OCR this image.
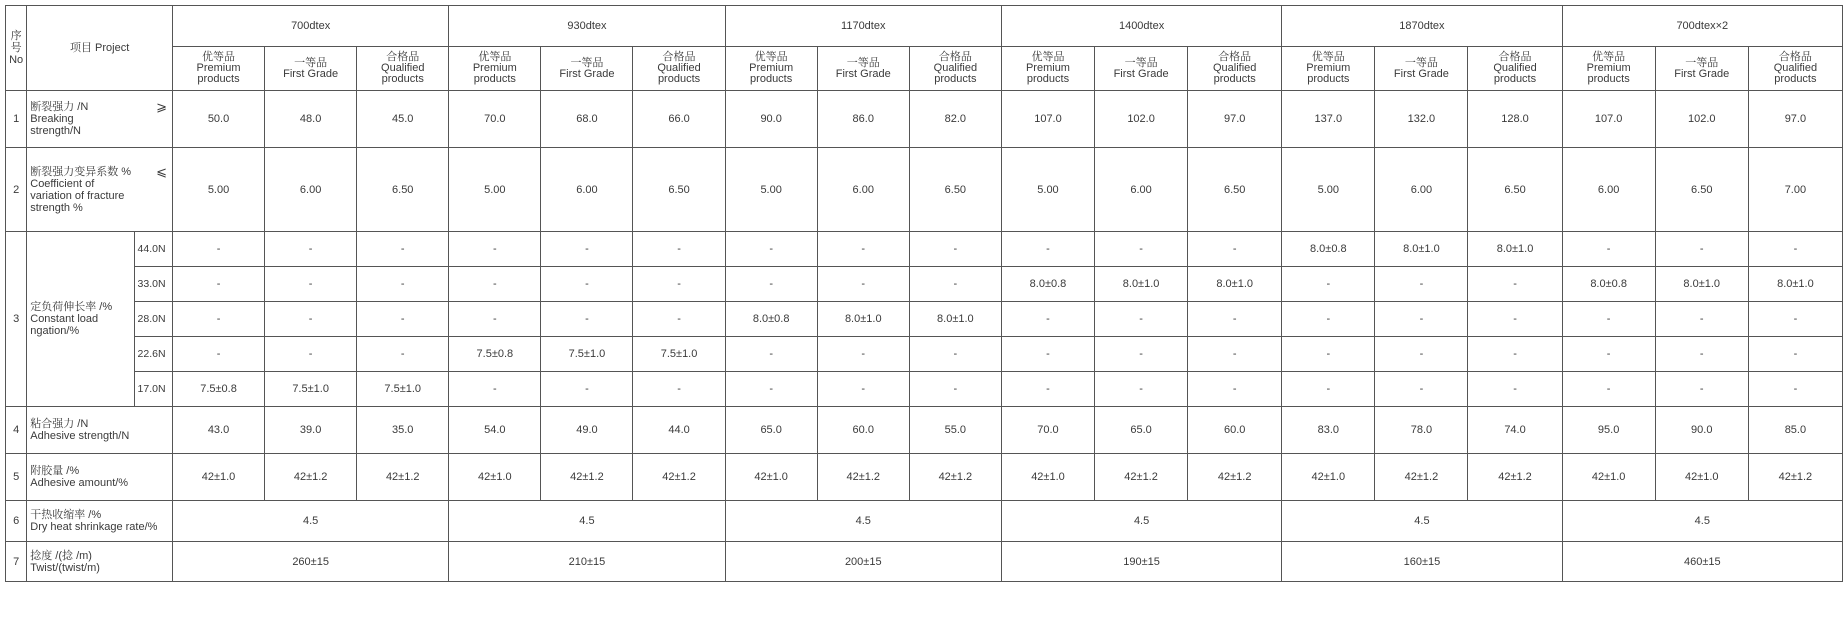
序
号
No	项目 Project		700dtex			930dtex			1170dtex			1400dtex			1870dtex			700dtex×2		

			优等品
Premium
products	一等品
First Grade	合格品
Qualified
products	优等品
Premium
products	一等品
First Grade	合格品
Qualified
products	优等品
Premium
products	一等品
First Grade	合格品
Qualified
products	优等品
Premium
products	一等品
First Grade	合格品
Qualified
products	优等品
Premium
products	一等品
First Grade	合格品
Qualified
products	优等品
Premium
products	一等品
First Grade	合格品
Qualified
products

1	⩾
断裂强力 /N
Breaking
strength/N		50.0	48.0	45.0	70.0	68.0	66.0	90.0	86.0	82.0	107.0	102.0	97.0	137.0	132.0	128.0	107.0	102.0	97.0
2	⩽
断裂强力变异系数 %
Coefficient of
variation of fracture
strength %		5.00	6.00	6.50	5.00	6.00	6.50	5.00	6.00	6.50	5.00	6.00	6.50	5.00	6.00	6.50	6.00	6.50	7.00
3	定负荷伸长率 /%
Constant load
ngation/%	44.0N	-	-	-	-	-	-	-	-	-	-	-	-	8.0±0.8	8.0±1.0	8.0±1.0	-	-	-
		33.0N	-	-	-	-	-	-	-	-	-	8.0±0.8	8.0±1.0	8.0±1.0	-	-	-	8.0±0.8	8.0±1.0	8.0±1.0
		28.0N	-	-	-	-	-	-	8.0±0.8	8.0±1.0	8.0±1.0	-	-	-	-	-	-	-	-	-
		22.6N	-	-	-	7.5±0.8	7.5±1.0	7.5±1.0	-	-	-	-	-	-	-	-	-	-	-	-
		17.0N	7.5±0.8	7.5±1.0	7.5±1.0	-	-	-	-	-	-	-	-	-	-	-	-	-	-	-
4	粘合强力 /N
Adhesive strength/N		43.0	39.0	35.0	54.0	49.0	44.0	65.0	60.0	55.0	70.0	65.0	60.0	83.0	78.0	74.0	95.0	90.0	85.0
5	附胶量 /%
Adhesive amount/%		42±1.0	42±1.2	42±1.2	42±1.0	42±1.2	42±1.2	42±1.0	42±1.2	42±1.2	42±1.0	42±1.2	42±1.2	42±1.0	42±1.2	42±1.2	42±1.0	42±1.0	42±1.2
6	干热收缩率 /%
Dry heat shrinkage rate/%		4.5			4.5			4.5			4.5			4.5			4.5		
7	捻度 /(捻 /m)
Twist/(twist/m)		260±15			210±15			200±15			190±15			160±15			460±15		
